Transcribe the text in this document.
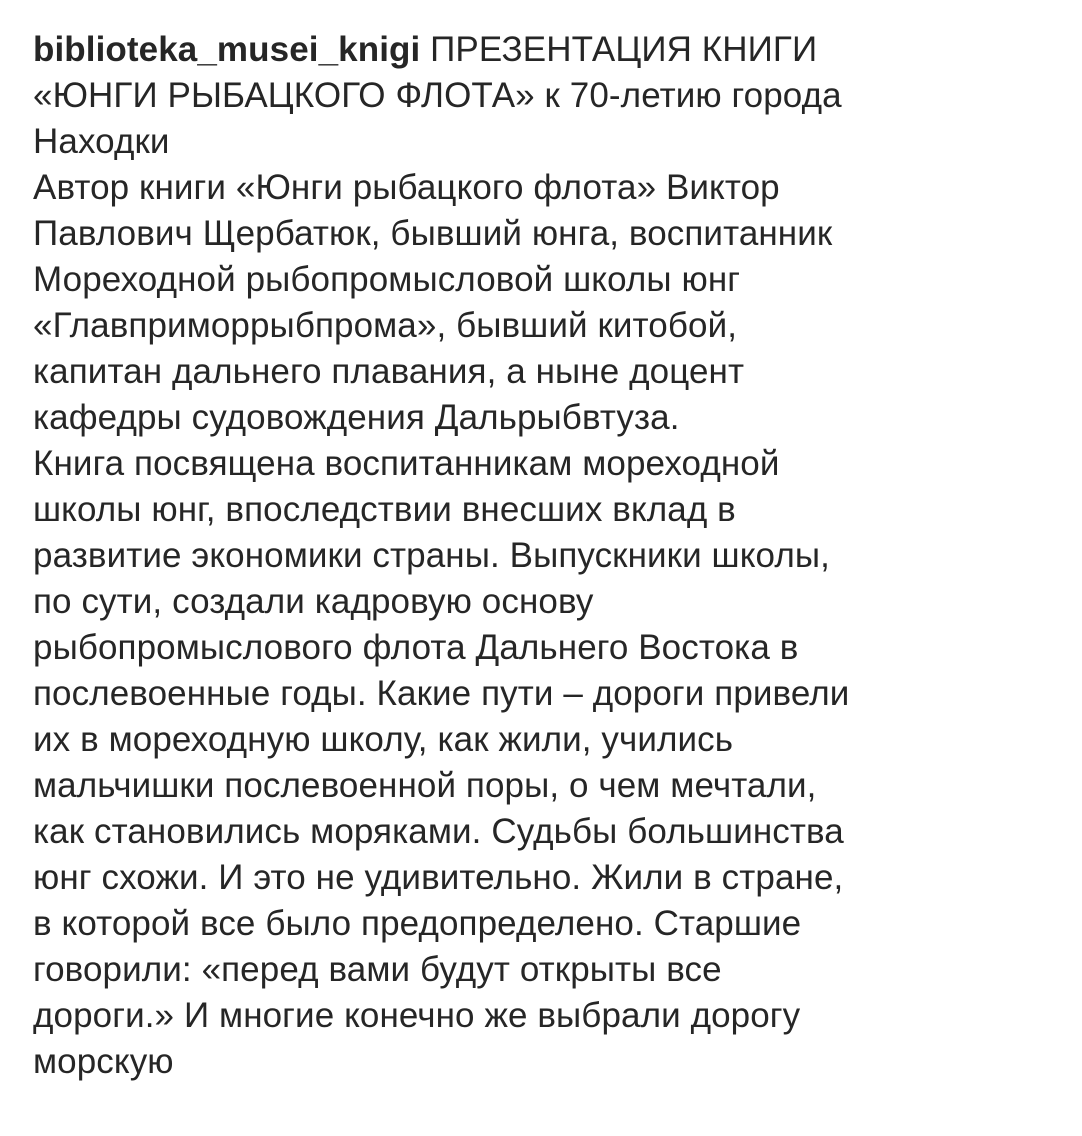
biblioteka_musei_knigi ПРЕЗЕНТАЦИЯ КНИГИ
«ЮНГИ РЫБАЦКОГО ФЛОТА» к 70-летию города
Находки
Автор книги «Юнги рыбацкого флота» Виктор
Павлович Щербатюк, бывший юнга, воспитанник
Мореходной рыбопромысловой школы юнг
«Главприморрыбпрома», бывший китобой,
капитан дальнего плавания, а ныне доцент
кафедры судовождения Дальрыбвтуза.
Книга посвящена воспитанникам мореходной
школы юнг, впоследствии внесших вклад в
развитие экономики страны. Выпускники школы,
по сути, создали кадровую основу
рыбопромыслового флота Дальнего Востока в
послевоенные годы. Какие пути – дороги привели
их в мореходную школу, как жили, учились
мальчишки послевоенной поры, о чем мечтали,
как становились моряками. Судьбы большинства
юнг схожи. И это не удивительно. Жили в стране,
в которой все было предопределено. Старшие
говорили: «перед вами будут открыты все
дороги.» И многие конечно же выбрали дорогу
морскую
